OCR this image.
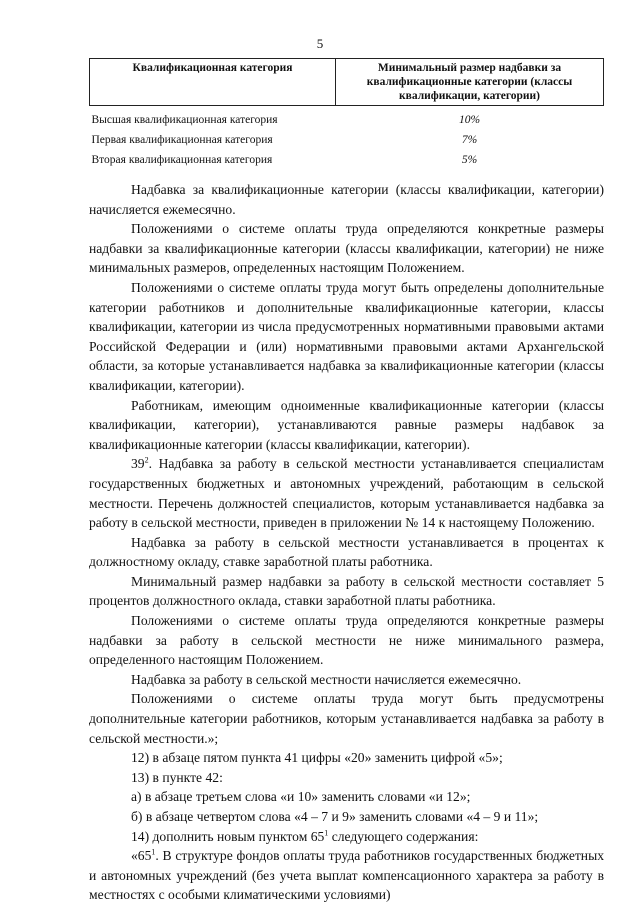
5
Квалификационная категория	Минимальный размер надбавки за квалификационные категории (классы квалификации, категории)
Высшая квалификационная категория	10%
Первая квалификационная категория	7%
Вторая квалификационная категория	5%

Надбавка за квалификационные категории (классы квалификации, категории) начисляется ежемесячно.

Положениями о системе оплаты труда определяются конкретные размеры надбавки за квалификационные категории (классы квалификации, категории) не ниже минимальных размеров, определенных настоящим Положением.

Положениями о системе оплаты труда могут быть определены дополнительные категории работников и дополнительные квалификационные категории, классы квалификации, категории из числа предусмотренных нормативными правовыми актами Российской Федерации и (или) нормативными правовыми актами Архангельской области, за которые устанавливается надбавка за квалификационные категории (классы квалификации, категории).

Работникам, имеющим одноименные квалификационные категории (классы квалификации, категории), устанавливаются равные размеры надбавок за квалификационные категории (классы квалификации, категории).

$39^2$. Надбавка за работу в сельской местности устанавливается специалистам государственных бюджетных и автономных учреждений, работающим в сельской местности. Перечень должностей специалистов, которым устанавливается надбавка за работу в сельской местности, приведен в приложении № 14 к настоящему Положению.

Надбавка за работу в сельской местности устанавливается в процентах к должностному окладу, ставке заработной платы работника.

Минимальный размер надбавки за работу в сельской местности составляет 5 процентов должностного оклада, ставки заработной платы работника.

Положениями о системе оплаты труда определяются конкретные размеры надбавки за работу в сельской местности не ниже минимального размера, определенного настоящим Положением.

Надбавка за работу в сельской местности начисляется ежемесячно.

Положениями о системе оплаты труда могут быть предусмотрены дополнительные категории работников, которым устанавливается надбавка за работу в сельской местности.»;

12) в абзаце пятом пункта 41 цифры «20» заменить цифрой «5»;

13) в пункте 42:

а) в абзаце третьем слова «и 10» заменить словами «и 12»;

б) в абзаце четвертом слова «4 – 7 и 9» заменить словами «4 – 9 и 11»;

14) дополнить новым пунктом $65^1$ следующего содержания:

«$65^1$. В структуре фондов оплаты труда работников государственных бюджетных и автономных учреждений (без учета выплат компенсационного характера за работу в местностях с особыми климатическими условиями)
